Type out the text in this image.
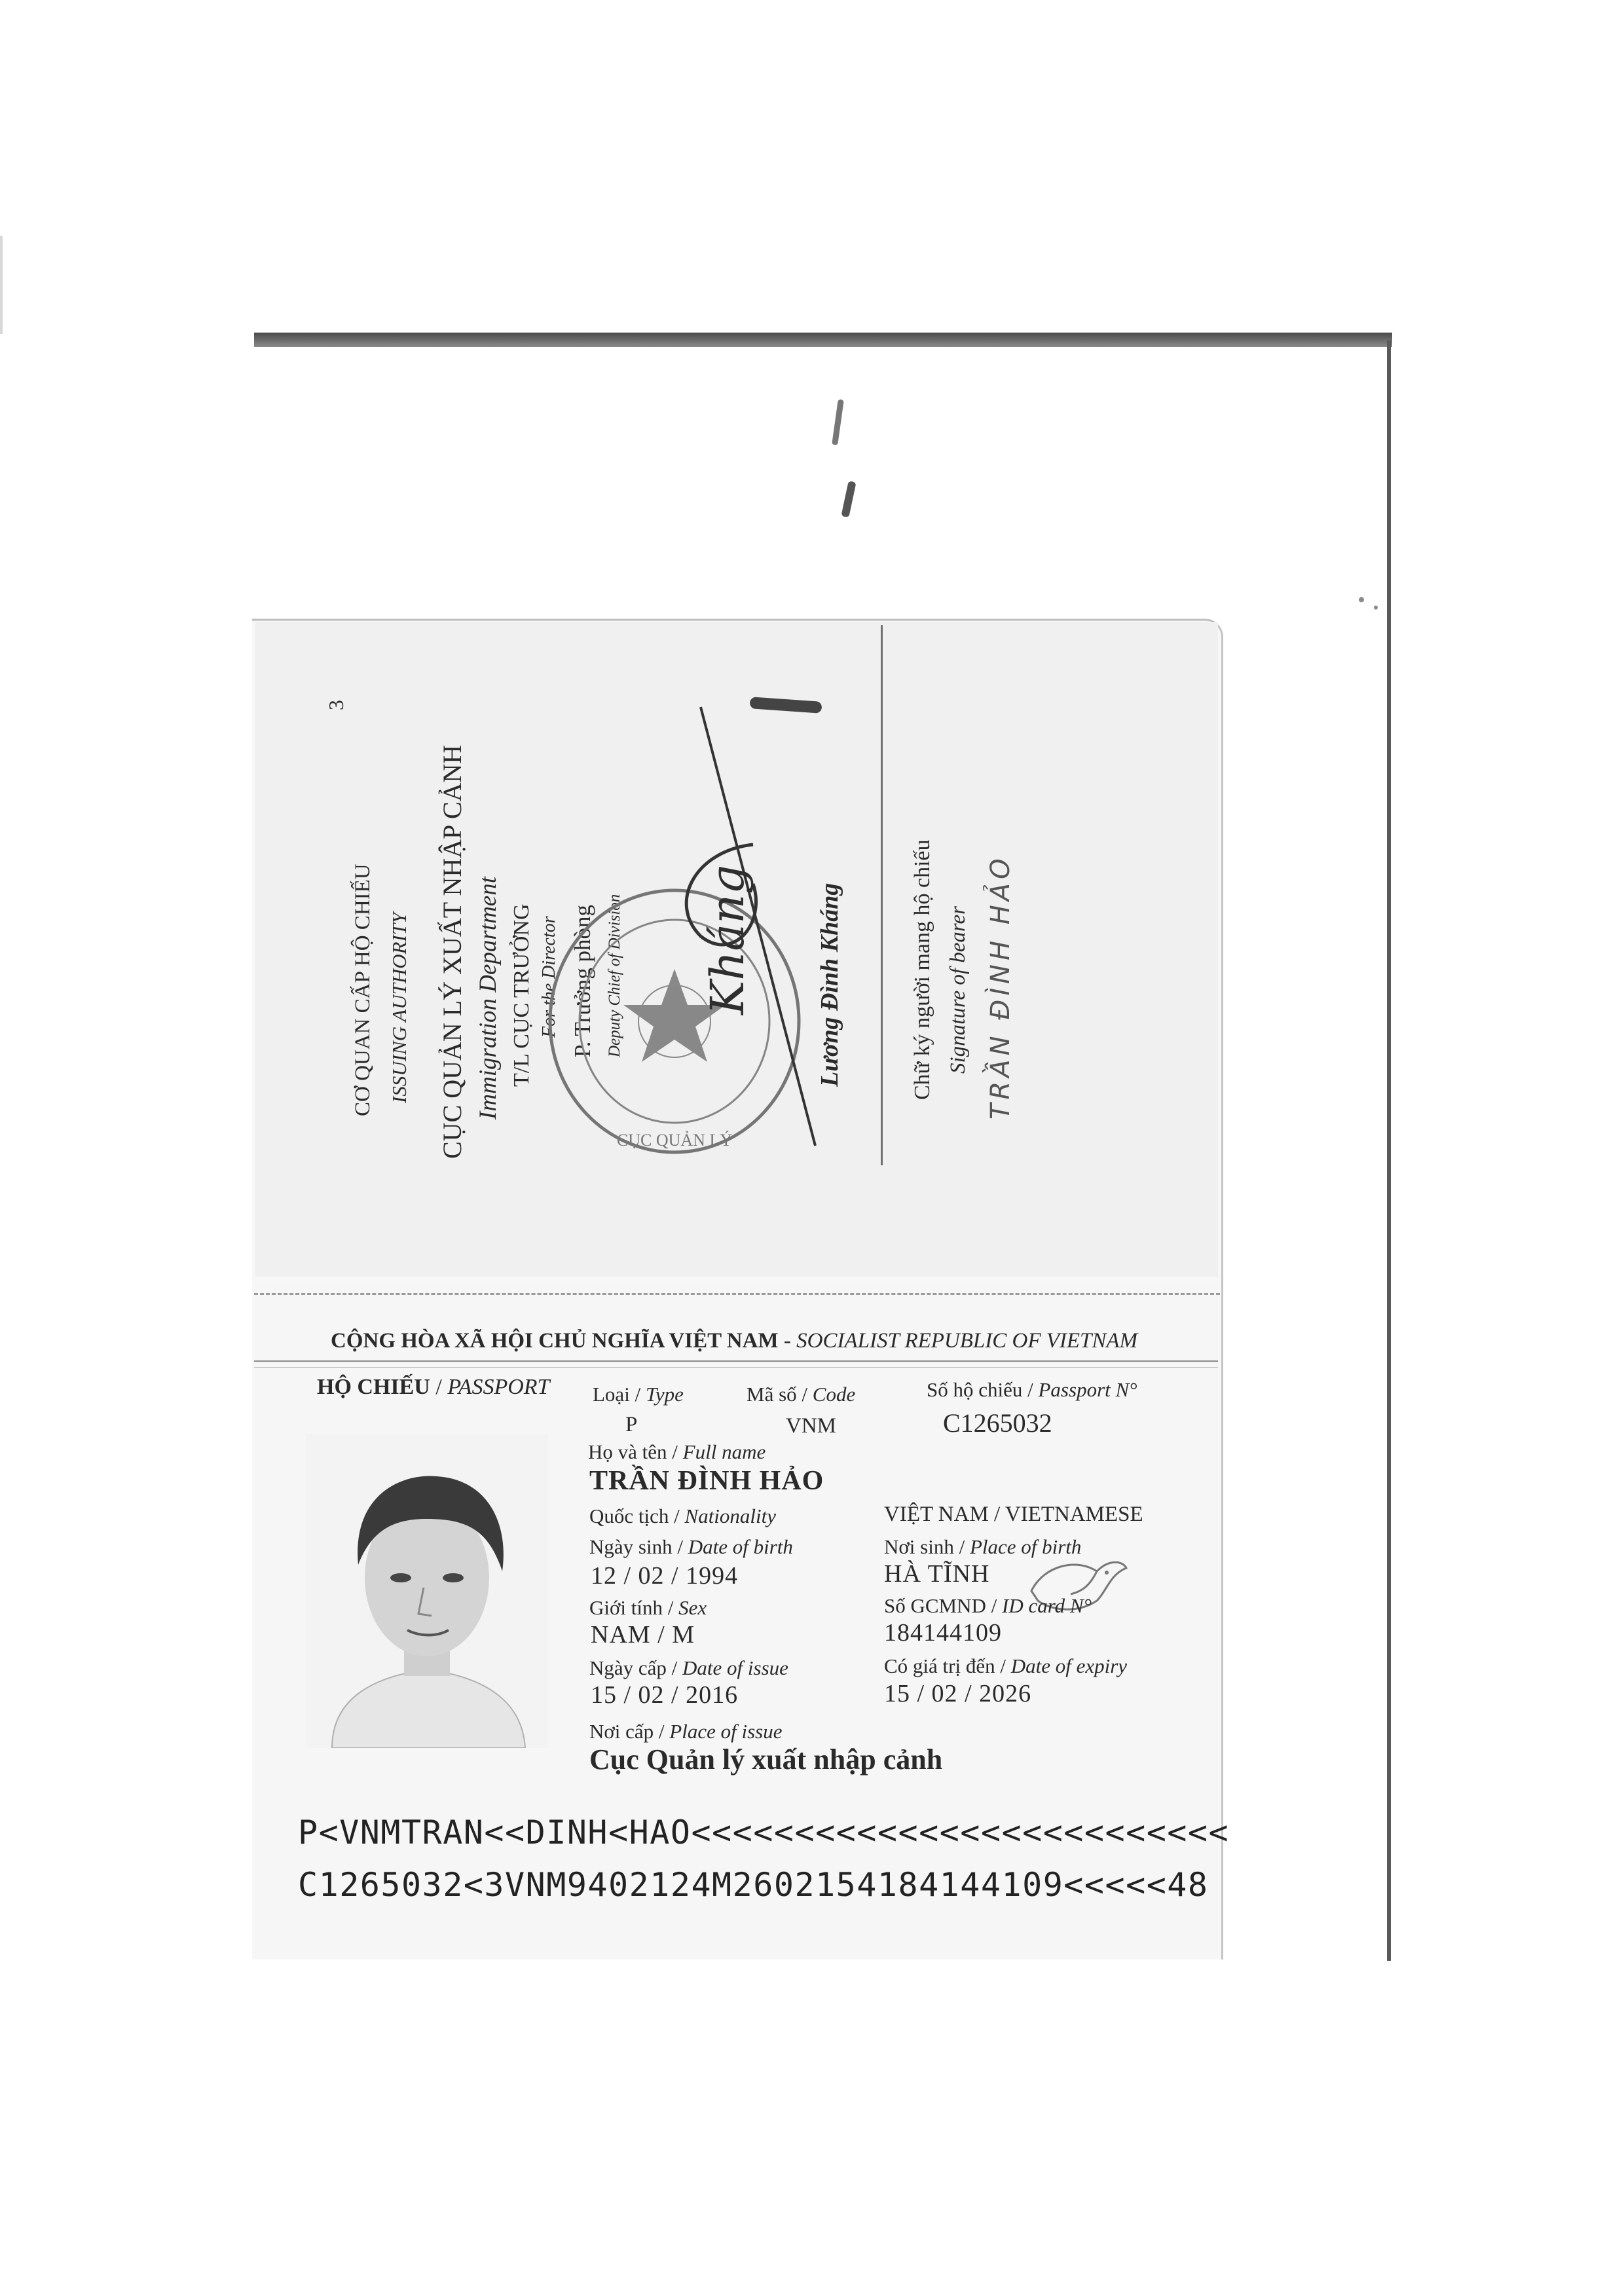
3
CƠ QUAN CẤP HỘ CHIẾU ISSUING AUTHORITY CỤC QUẢN LÝ XUẤT NHẬP CẢNH Immigration Department T/L CỤC TRƯỞNG For the Director P. Trưởng phòng Deputy Chief of Division	Lương Đình Kháng
CỤC QUẢN LÝ
Kháng	Chữ ký người mang hộ chiếu Signature of bearer TRẦN ĐÌNH HẢO
CỘNG HÒA XÃ HỘI CHỦ NGHĨA VIỆT NAM - SOCIALIST REPUBLIC OF VIETNAM
HỘ CHIẾU / PASSPORT Loại / Type
P
Mã số / Code
VNM
Số hộ chiếu / Passport N°
C1265032
Họ và tên / Full name
TRẦN ĐÌNH HẢO
Quốc tịch / Nationality	VIỆT NAM / VIETNAMESE
Ngày sinh / Date of birth
12 / 02 / 1994
Nơi sinh / Place of birth
HÀ TĨNH
Giới tính / Sex
NAM / M
Số GCMND / ID card N°
184144109
Ngày cấp / Date of issue
15 / 02 / 2016
Có giá trị đến / Date of expiry
15 / 02 / 2026
Nơi cấp / Place of issue
Cục Quản lý xuất nhập cảnh
P<VNMTRAN<<DINH<HAO<<<<<<<<<<<<<<<<<<<<<<<<<<
C1265032<3VNM9402124M2602154184144109<<<<<48
